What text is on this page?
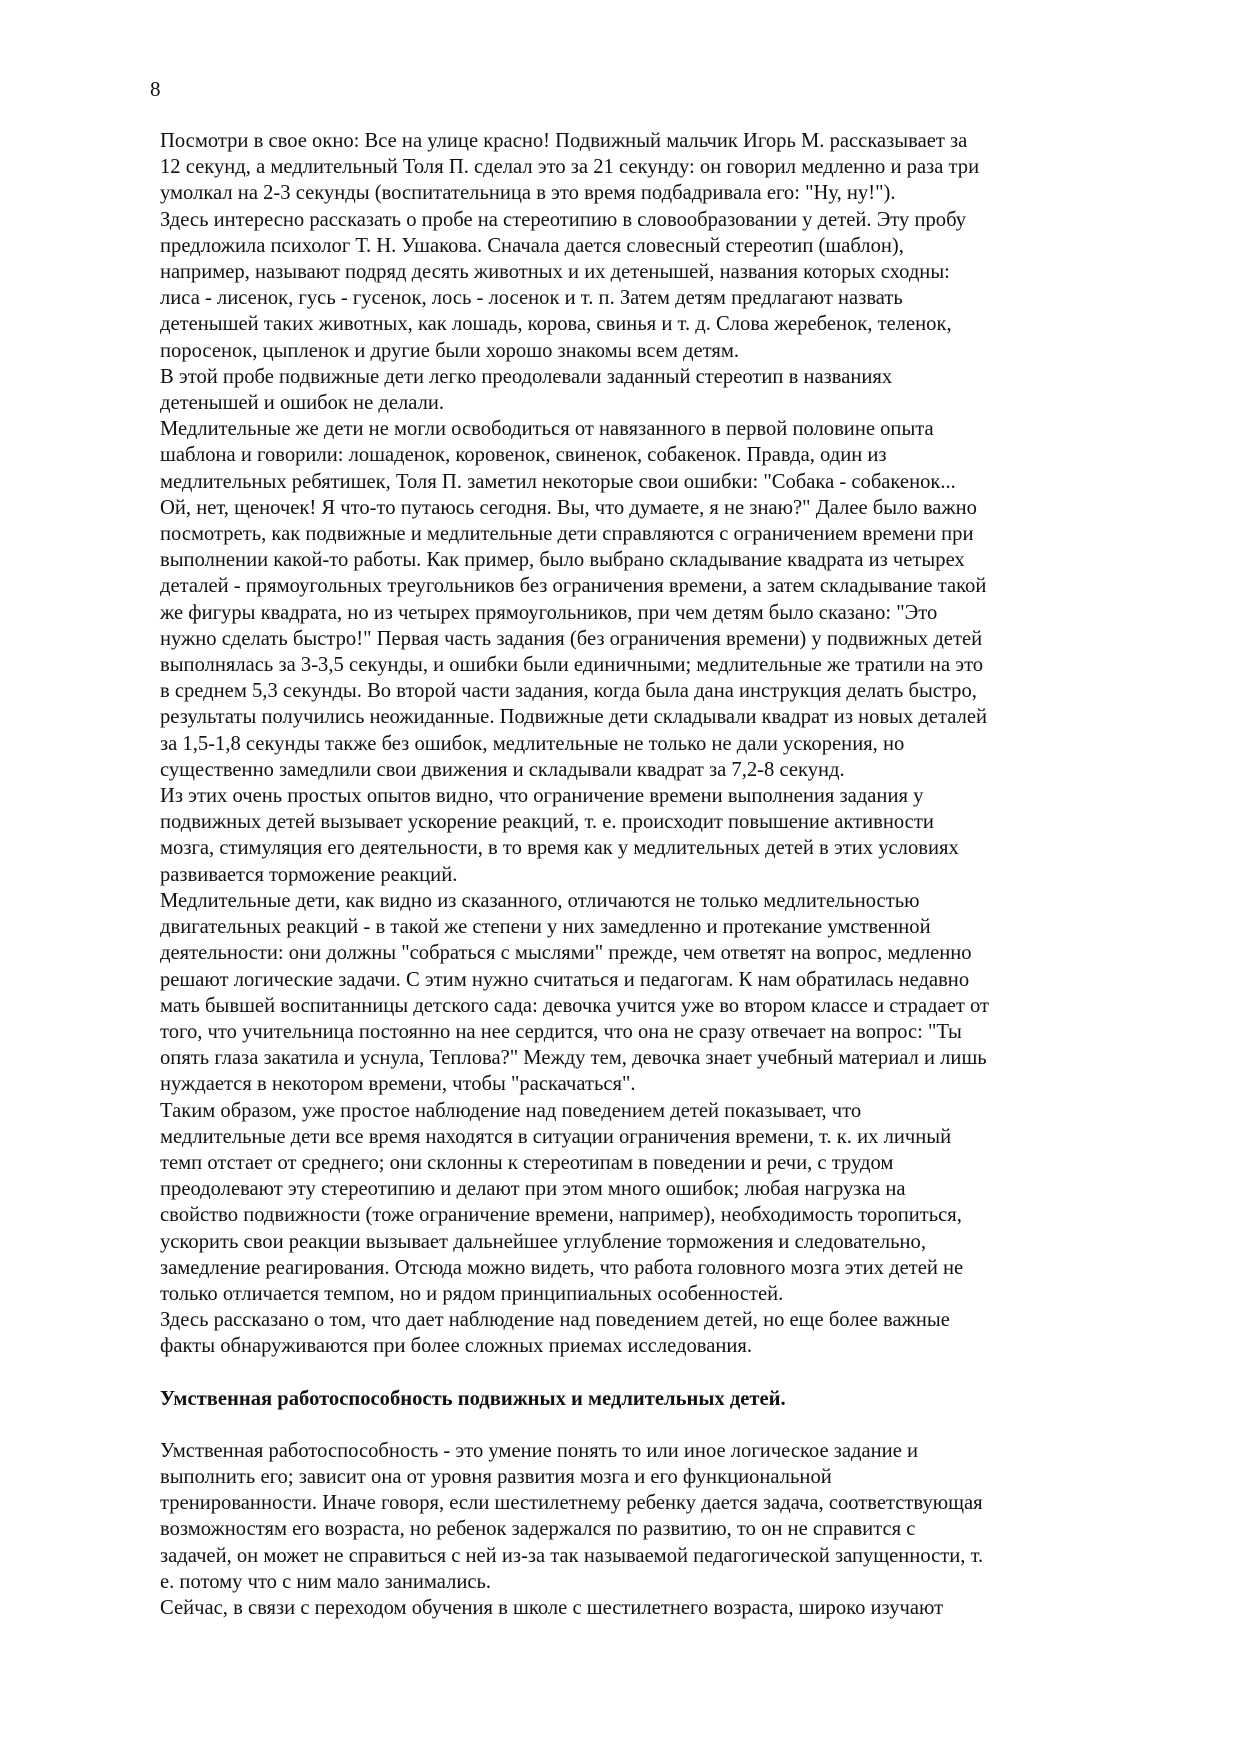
8
Посмотри в свое окно: Все на улице красно! Подвижный мальчик Игорь М. рассказывает за
12 секунд, а медлительный Толя П. сделал это за 21 секунду: он говорил медленно и раза три
умолкал на 2-3 секунды (воспитательница в это время подбадривала его: "Ну, ну!").
Здесь интересно рассказать о пробе на стереотипию в словообразовании у детей. Эту пробу
предложила психолог Т. Н. Ушакова. Сначала дается словесный стереотип (шаблон),
например, называют подряд десять животных и их детенышей, названия которых сходны:
лиса - лисенок, гусь - гусенок, лось - лосенок и т. п. Затем детям предлагают назвать
детенышей таких животных, как лошадь, корова, свинья и т. д. Слова жеребенок, теленок,
поросенок, цыпленок и другие были хорошо знакомы всем детям.
В этой пробе подвижные дети легко преодолевали заданный стереотип в названиях
детенышей и ошибок не делали.
Медлительные же дети не могли освободиться от навязанного в первой половине опыта
шаблона и говорили: лошаденок, коровенок, свиненок, собакенок. Правда, один из
медлительных ребятишек, Толя П. заметил некоторые свои ошибки: "Собака - собакенок...
Ой, нет, щеночек! Я что-то путаюсь сегодня. Вы, что думаете, я не знаю?" Далее было важно
посмотреть, как подвижные и медлительные дети справляются с ограничением времени при
выполнении какой-то работы. Как пример, было выбрано складывание квадрата из четырех
деталей - прямоугольных треугольников без ограничения времени, а затем складывание такой
же фигуры квадрата, но из четырех прямоугольников, при чем детям было сказано: "Это
нужно сделать быстро!" Первая часть задания (без ограничения времени) у подвижных детей
выполнялась за 3-3,5 секунды, и ошибки были единичными; медлительные же тратили на это
в среднем 5,3 секунды. Во второй части задания, когда была дана инструкция делать быстро,
результаты получились неожиданные. Подвижные дети складывали квадрат из новых деталей
за 1,5-1,8 секунды также без ошибок, медлительные не только не дали ускорения, но
существенно замедлили свои движения и складывали квадрат за 7,2-8 секунд.
Из этих очень простых опытов видно, что ограничение времени выполнения задания у
подвижных детей вызывает ускорение реакций, т. е. происходит повышение активности
мозга, стимуляция его деятельности, в то время как у медлительных детей в этих условиях
развивается торможение реакций.
Медлительные дети, как видно из сказанного, отличаются не только медлительностью
двигательных реакций - в такой же степени у них замедленно и протекание умственной
деятельности: они должны "собраться с мыслями" прежде, чем ответят на вопрос, медленно
решают логические задачи. С этим нужно считаться и педагогам. К нам обратилась недавно
мать бывшей воспитанницы детского сада: девочка учится уже во втором классе и страдает от
того, что учительница постоянно на нее сердится, что она не сразу отвечает на вопрос: "Ты
опять глаза закатила и уснула, Теплова?" Между тем, девочка знает учебный материал и лишь
нуждается в некотором времени, чтобы "раскачаться".
Таким образом, уже простое наблюдение над поведением детей показывает, что
медлительные дети все время находятся в ситуации ограничения времени, т. к. их личный
темп отстает от среднего; они склонны к стереотипам в поведении и речи, с трудом
преодолевают эту стереотипию и делают при этом много ошибок; любая нагрузка на
свойство подвижности (тоже ограничение времени, например), необходимость торопиться,
ускорить свои реакции вызывает дальнейшее углубление торможения и следовательно,
замедление реагирования. Отсюда можно видеть, что работа головного мозга этих детей не
только отличается темпом, но и рядом принципиальных особенностей.
Здесь рассказано о том, что дает наблюдение над поведением детей, но еще более важные
факты обнаруживаются при более сложных приемах исследования.
Умственная работоспособность подвижных и медлительных детей.
Умственная работоспособность - это умение понять то или иное логическое задание и
выполнить его; зависит она от уровня развития мозга и его функциональной
тренированности. Иначе говоря, если шестилетнему ребенку дается задача, соответствующая
возможностям его возраста, но ребенок задержался по развитию, то он не справится с
задачей, он может не справиться с ней из-за так называемой педагогической запущенности, т.
е. потому что с ним мало занимались.
Сейчас, в связи с переходом обучения в школе с шестилетнего возраста, широко изучают
